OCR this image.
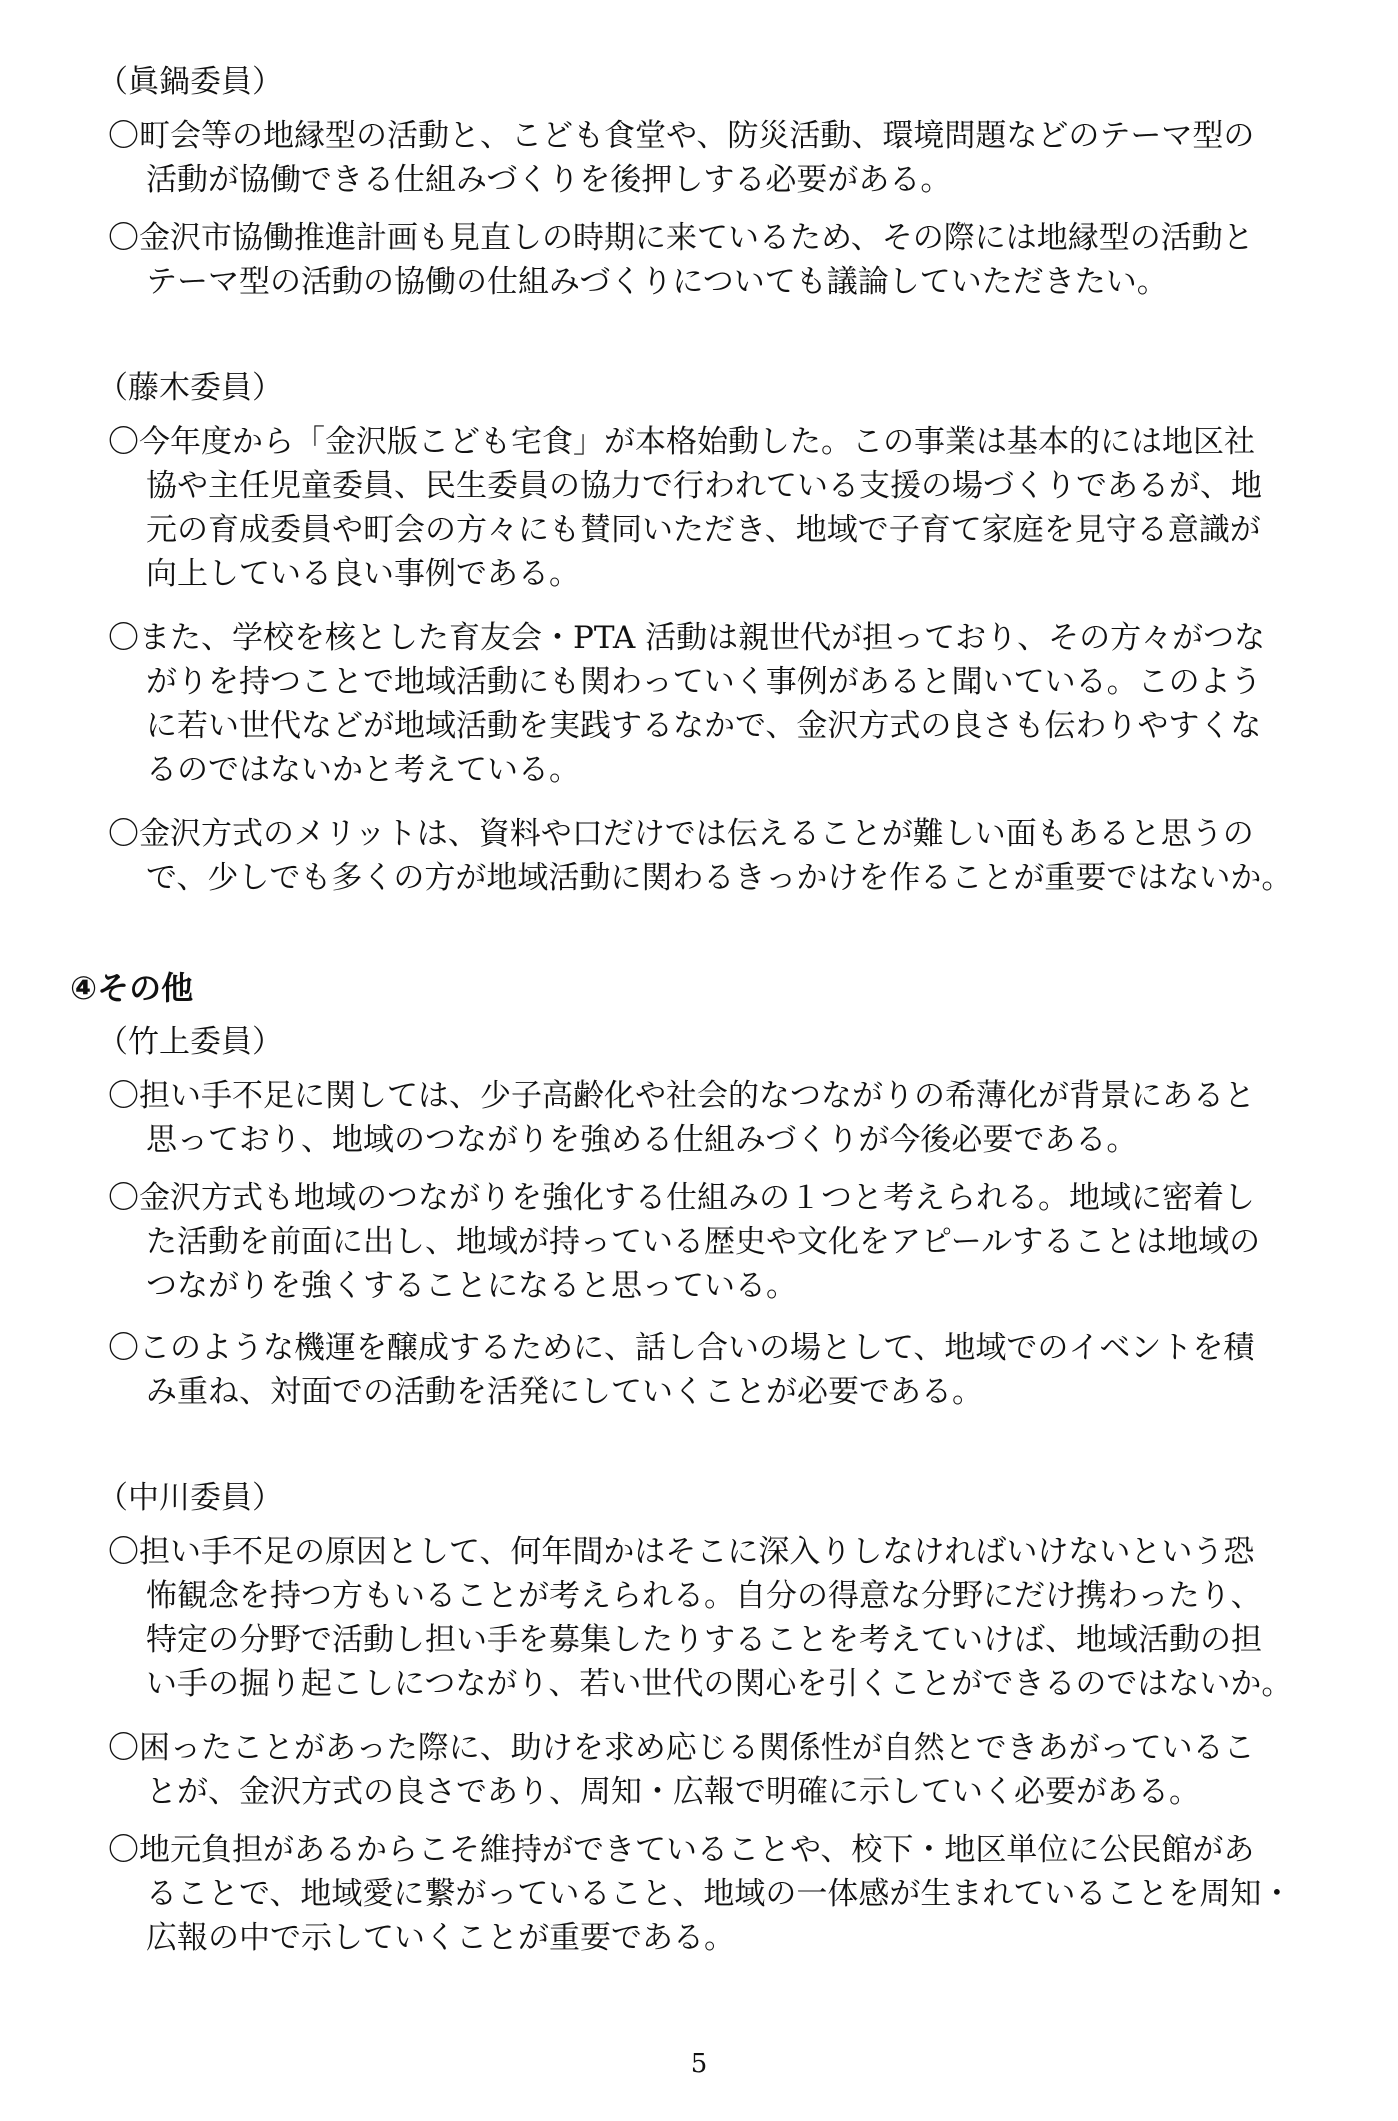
（眞鍋委員）
〇町会等の地縁型の活動と、こども食堂や、防災活動、環境問題などのテーマ型の
活動が協働できる仕組みづくりを後押しする必要がある。
〇金沢市協働推進計画も見直しの時期に来ているため、その際には地縁型の活動と
テーマ型の活動の協働の仕組みづくりについても議論していただきたい。
（藤木委員）
〇今年度から「金沢版こども宅食」が本格始動した。この事業は基本的には地区社
協や主任児童委員、民生委員の協力で行われている支援の場づくりであるが、地
元の育成委員や町会の方々にも賛同いただき、地域で子育て家庭を見守る意識が
向上している良い事例である。
〇また、学校を核とした育友会・PTA 活動は親世代が担っており、その方々がつな
がりを持つことで地域活動にも関わっていく事例があると聞いている。このよう
に若い世代などが地域活動を実践するなかで、金沢方式の良さも伝わりやすくな
るのではないかと考えている。
〇金沢方式のメリットは、資料や口だけでは伝えることが難しい面もあると思うの
で、少しでも多くの方が地域活動に関わるきっかけを作ることが重要ではないか。
④その他
（竹上委員）
〇担い手不足に関しては、少子高齢化や社会的なつながりの希薄化が背景にあると
思っており、地域のつながりを強める仕組みづくりが今後必要である。
〇金沢方式も地域のつながりを強化する仕組みの１つと考えられる。地域に密着し
た活動を前面に出し、地域が持っている歴史や文化をアピールすることは地域の
つながりを強くすることになると思っている。
〇このような機運を醸成するために、話し合いの場として、地域でのイベントを積
み重ね、対面での活動を活発にしていくことが必要である。
（中川委員）
〇担い手不足の原因として、何年間かはそこに深入りしなければいけないという恐
怖観念を持つ方もいることが考えられる。自分の得意な分野にだけ携わったり、
特定の分野で活動し担い手を募集したりすることを考えていけば、地域活動の担
い手の掘り起こしにつながり、若い世代の関心を引くことができるのではないか。
〇困ったことがあった際に、助けを求め応じる関係性が自然とできあがっているこ
とが、金沢方式の良さであり、周知・広報で明確に示していく必要がある。
〇地元負担があるからこそ維持ができていることや、校下・地区単位に公民館があ
ることで、地域愛に繋がっていること、地域の一体感が生まれていることを周知・
広報の中で示していくことが重要である。
5
